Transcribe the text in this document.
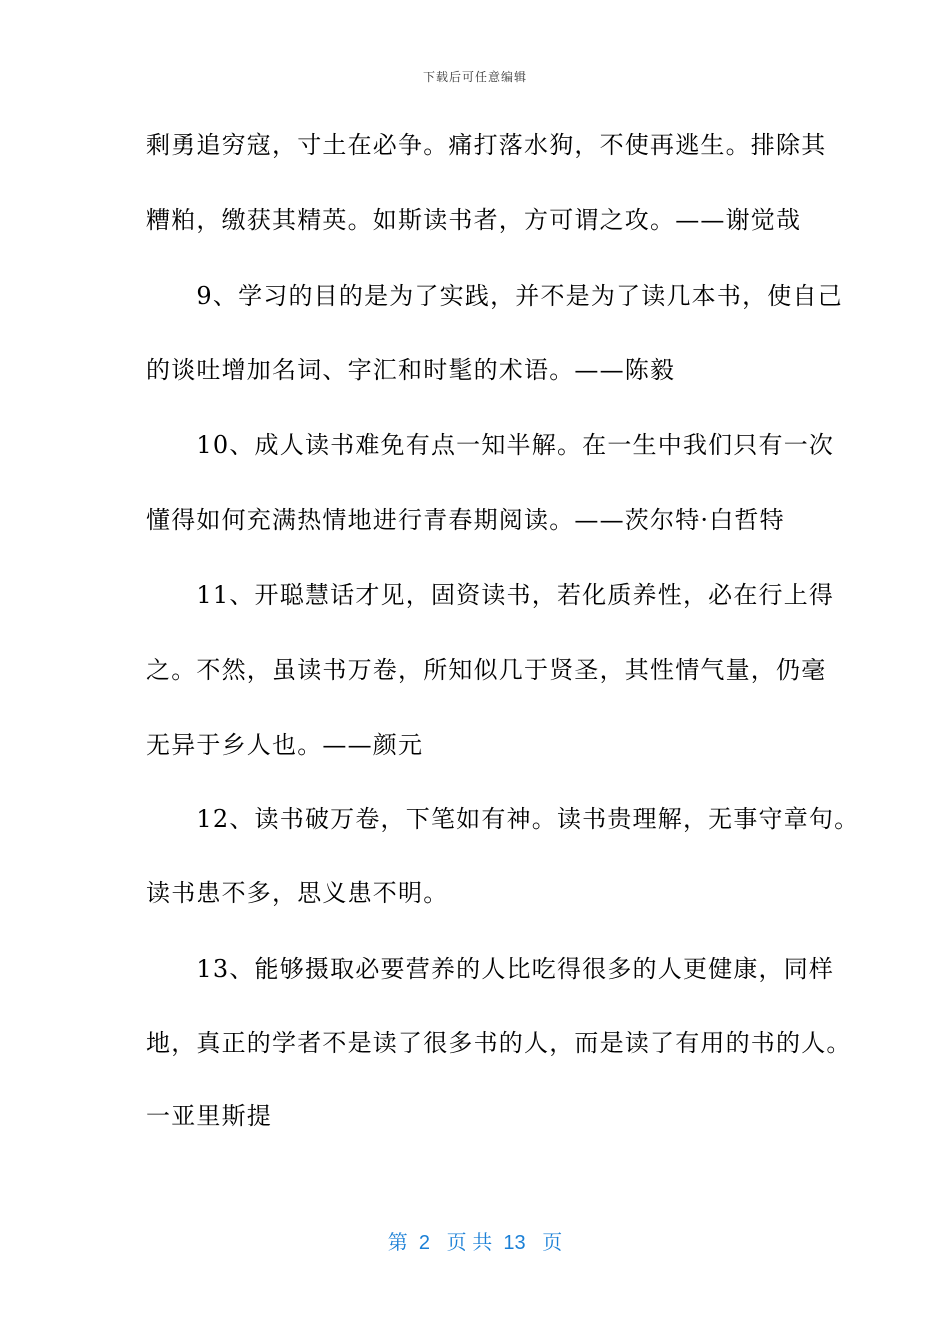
下载后可任意编辑
剩勇追穷寇，寸土在必争。痛打落水狗，不使再逃生。排除其
糟粕，缴获其精英。如斯读书者，方可谓之攻。——谢觉哉
　　9、学习的目的是为了实践，并不是为了读几本书，使自己
的谈吐增加名词、字汇和时髦的术语。——陈毅
　　10、成人读书难免有点一知半解。在一生中我们只有一次
懂得如何充满热情地进行青春期阅读。——茨尔特·白哲特
　　11、开聪慧话才见，固资读书，若化质养性，必在行上得
之。不然，虽读书万卷，所知似几于贤圣，其性情气量，仍毫
无异于乡人也。——颜元
　　12、读书破万卷，下笔如有神。读书贵理解，无事守章句。
读书患不多，思义患不明。
　　13、能够摄取必要营养的人比吃得很多的人更健康，同样
地，真正的学者不是读了很多书的人，而是读了有用的书的人。
一亚里斯提
第  2   页 共  13   页
